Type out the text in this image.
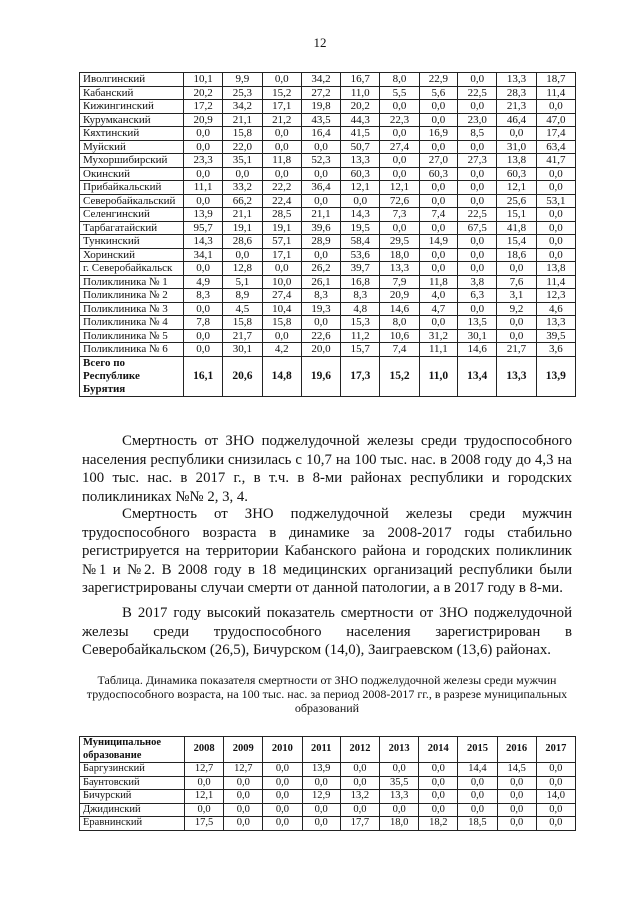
12
Иволгинский	10,1	9,9	0,0	34,2	16,7	8,0	22,9	0,0	13,3	18,7
Кабанский	20,2	25,3	15,2	27,2	11,0	5,5	5,6	22,5	28,3	11,4
Кижингинский	17,2	34,2	17,1	19,8	20,2	0,0	0,0	0,0	21,3	0,0
Курумканский	20,9	21,1	21,2	43,5	44,3	22,3	0,0	23,0	46,4	47,0
Кяхтинский	0,0	15,8	0,0	16,4	41,5	0,0	16,9	8,5	0,0	17,4
Муйский	0,0	22,0	0,0	0,0	50,7	27,4	0,0	0,0	31,0	63,4
Мухоршибирский	23,3	35,1	11,8	52,3	13,3	0,0	27,0	27,3	13,8	41,7
Окинский	0,0	0,0	0,0	0,0	60,3	0,0	60,3	0,0	60,3	0,0
Прибайкальский	11,1	33,2	22,2	36,4	12,1	12,1	0,0	0,0	12,1	0,0
Северобайкальский	0,0	66,2	22,4	0,0	0,0	72,6	0,0	0,0	25,6	53,1
Селенгинский	13,9	21,1	28,5	21,1	14,3	7,3	7,4	22,5	15,1	0,0
Тарбагатайский	95,7	19,1	19,1	39,6	19,5	0,0	0,0	67,5	41,8	0,0
Тункинский	14,3	28,6	57,1	28,9	58,4	29,5	14,9	0,0	15,4	0,0
Хоринский	34,1	0,0	17,1	0,0	53,6	18,0	0,0	0,0	18,6	0,0
г. Северобайкальск	0,0	12,8	0,0	26,2	39,7	13,3	0,0	0,0	0,0	13,8
Поликлиника № 1	4,9	5,1	10,0	26,1	16,8	7,9	11,8	3,8	7,6	11,4
Поликлиника № 2	8,3	8,9	27,4	8,3	8,3	20,9	4,0	6,3	3,1	12,3
Поликлиника № 3	0,0	4,5	10,4	19,3	4,8	14,6	4,7	0,0	9,2	4,6
Поликлиника № 4	7,8	15,8	15,8	0,0	15,3	8,0	0,0	13,5	0,0	13,3
Поликлиника № 5	0,0	21,7	0,0	22,6	11,2	10,6	31,2	30,1	0,0	39,5
Поликлиника № 6	0,0	30,1	4,2	20,0	15,7	7,4	11,1	14,6	21,7	3,6

Всего по
Республике
Бурятия	16,1	20,6	14,8	19,6	17,3	15,2	11,0	13,4	13,3	13,9

Смертность от ЗНО поджелудочной железы среди трудоспособного населения республики снизилась с 10,7 на 100 тыс. нас. в 2008 году до 4,3 на 100 тыс. нас. в 2017 г., в т.ч. в 8-ми районах республики и городских поликлиниках №№ 2, 3, 4.

Смертность от ЗНО поджелудочной железы среди мужчин трудоспособного возраста в динамике за 2008-2017 годы стабильно регистрируется на территории Кабанского района и городских поликлиник №1 и №2. В 2008 году в 18 медицинских организаций республики были зарегистрированы случаи смерти от данной патологии, а в 2017 году в 8-ми.

В 2017 году высокий показатель смертности от ЗНО поджелудочной железы среди трудоспособного населения зарегистрирован в Северобайкальском (26,5), Бичурском (14,0), Заиграевском (13,6) районах.

Таблица. Динамика показателя смертности от ЗНО поджелудочной железы среди мужчин трудоспособного возраста, на 100 тыс. нас. за период 2008-2017 гг., в разрезе муниципальных образований

Муниципальное образование	2008	2009	2010	2011	2012	2013	2014	2015	2016	2017
Баргузинский	12,7	12,7	0,0	13,9	0,0	0,0	0,0	14,4	14,5	0,0
Баунтовский	0,0	0,0	0,0	0,0	0,0	35,5	0,0	0,0	0,0	0,0
Бичурский	12,1	0,0	0,0	12,9	13,2	13,3	0,0	0,0	0,0	14,0
Джидинский	0,0	0,0	0,0	0,0	0,0	0,0	0,0	0,0	0,0	0,0
Еравнинский	17,5	0,0	0,0	0,0	17,7	18,0	18,2	18,5	0,0	0,0
